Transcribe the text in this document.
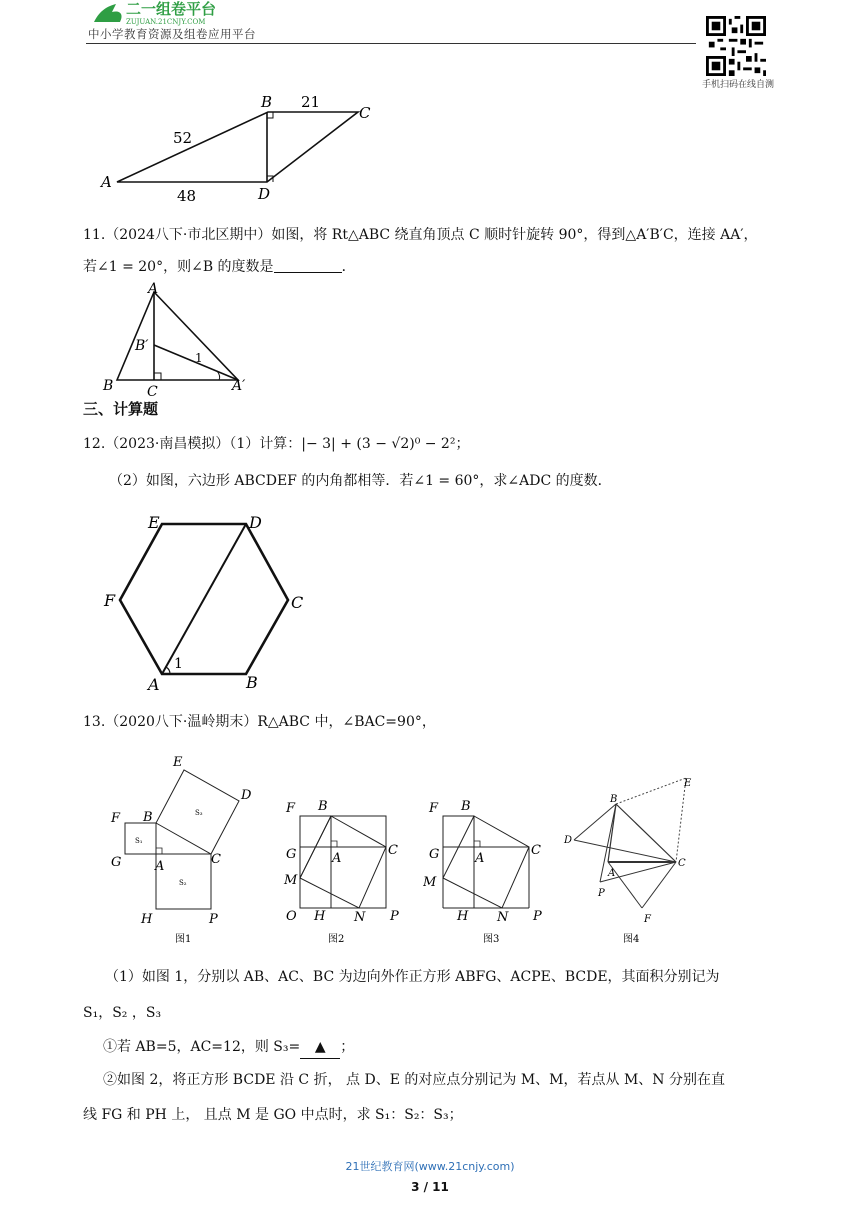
二一组卷平台
ZUJUAN.21CNJY.COM
中小学教育资源及组卷应用平台
手机扫码在线自测
A
B
C
D
21
52
48
11.（2024八下·市北区期中）如图，将 Rt△ABC 绕直角顶点 C 顺时针旋转 90°，得到△A′B′C，连接 AA′，
若∠1 = 20°，则∠B 的度数是	．
A
B C
B′
A′
1
三、计算题
12.（2023·南昌模拟）（1）计算：|− 3| + (3 − √2)⁰ − 2²；
（2）如图，六边形 ABCDEF 的内角都相等．若∠1 = 60°，求∠ADC 的度数．
E	D
F	C
A	B
1
13.（2020八下·温岭期末）R△ABC 中，∠BAC=90°，
E
D
F B
G	A	C
H	P
S₁
S₂
S₃
图1
F B
G	A
C
M
O H N P
图2
F B
G	A
C
M
H N P
图3
E
B
D
A
C
P
F
图4
（1）如图 1，分别以 AB、AC、BC 为边向外作正方形 ABFG、ACPE、BCDE，其面积分别记为
S₁，S₂ ，S₃
①若 AB=5，AC=12，则 S₃= ▲ ；
②如图 2，将正方形 BCDE 沿 C 折， 点 D、E 的对应点分别记为 M、M，若点从 M、N 分别在直
线 FG 和 PH 上， 且点 M 是 GO 中点时，求 S₁：S₂：S₃；
21世纪教育网(www.21cnjy.com)
3 / 11
